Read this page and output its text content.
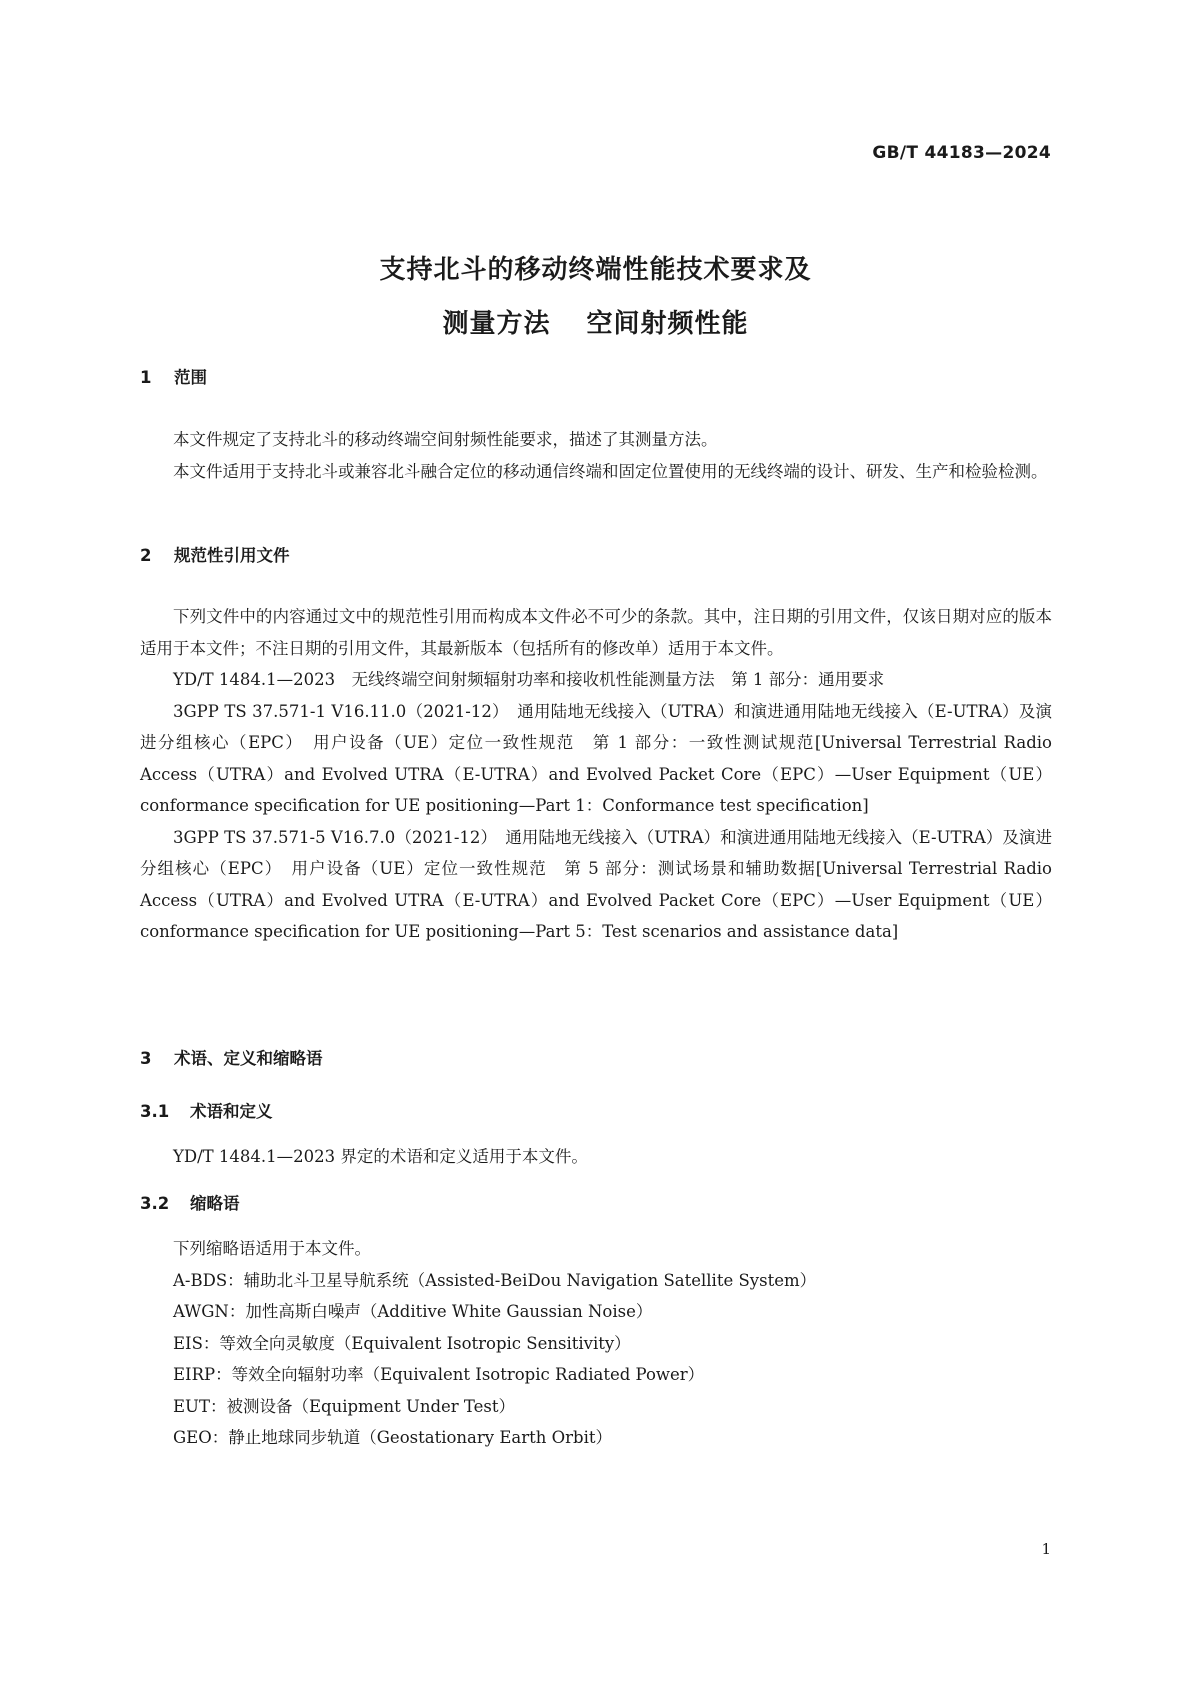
GB/T 44183—2024
支持北斗的移动终端性能技术要求及
测量方法 空间射频性能
1 范围

本文件规定了支持北斗的移动终端空间射频性能要求，描述了其测量方法。

本文件适用于支持北斗或兼容北斗融合定位的移动通信终端和固定位置使用的无线终端的设计、研发、生产和检验检测。

2 规范性引用文件

下列文件中的内容通过文中的规范性引用而构成本文件必不可少的条款。其中，注日期的引用文件，仅该日期对应的版本适用于本文件；不注日期的引用文件，其最新版本（包括所有的修改单）适用于本文件。

YD/T 1484.1—2023　无线终端空间射频辐射功率和接收机性能测量方法　第 1 部分：通用要求

3GPP TS 37.571-1 V16.11.0（2021-12）　通用陆地无线接入（UTRA）和演进通用陆地无线接入（E-UTRA）及演进分组核心（EPC）　用户设备（UE）定位一致性规范　第 1 部分：一致性测试规范[Universal Terrestrial Radio Access（UTRA）and Evolved UTRA（E-UTRA）and Evolved Packet Core（EPC）—User Equipment（UE）conformance specification for UE positioning—Part 1：Conformance test specification]

3GPP TS 37.571-5 V16.7.0（2021-12）　通用陆地无线接入（UTRA）和演进通用陆地无线接入（E-UTRA）及演进分组核心（EPC）　用户设备（UE）定位一致性规范　第 5 部分：测试场景和辅助数据[Universal Terrestrial Radio Access（UTRA）and Evolved UTRA（E-UTRA）and Evolved Packet Core（EPC）—User Equipment（UE）conformance specification for UE positioning—Part 5：Test scenarios and assistance data]

3 术语、定义和缩略语
3.1 术语和定义

YD/T 1484.1—2023 界定的术语和定义适用于本文件。

3.2 缩略语

下列缩略语适用于本文件。

A-BDS：辅助北斗卫星导航系统（Assisted-BeiDou Navigation Satellite System）

AWGN：加性高斯白噪声（Additive White Gaussian Noise）

EIS：等效全向灵敏度（Equivalent Isotropic Sensitivity）

EIRP：等效全向辐射功率（Equivalent Isotropic Radiated Power）

EUT：被测设备（Equipment Under Test）

GEO：静止地球同步轨道（Geostationary Earth Orbit）

1
